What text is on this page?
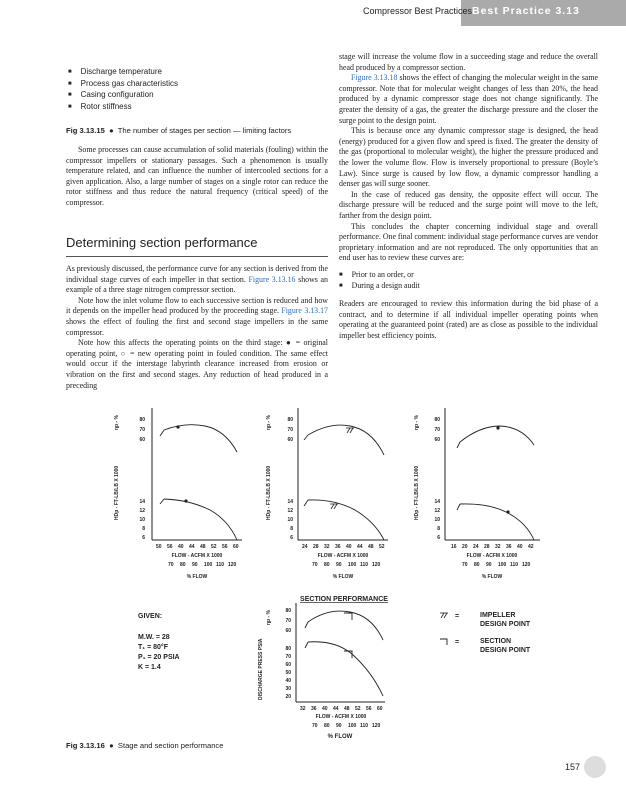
Compressor Best Practices Best Practice 3.13
■ Discharge temperature
■ Process gas characteristics
■ Casing configuration
■ Rotor stiffness
Fig 3.13.15  ●  The number of stages per section — limiting factors

Some processes can cause accumulation of solid materials (fouling) within the compressor impellers or stationary passages. Such a phenomenon is usually temperature related, and can influence the number of intercooled sections for a given application. Also, a large number of stages on a single rotor can reduce the rotor stiffness and thus reduce the natural frequency (critical speed) of the compressor.

Determining section performance

As previously discussed, the performance curve for any section is derived from the individual stage curves of each impeller in that section. Figure 3.13.16 shows an example of a three stage nitrogen compressor section.

Note how the inlet volume flow to each successive section is reduced and how it depends on the impeller head produced by the proceeding stage. Figure 3.13.17 shows the effect of fouling the first and second stage impellers in the same compressor.

Note how this affects the operating points on the third stage: ● = original operating point, ○ = new operating point in fouled condition. The same effect would occur if the interstage labyrinth clearance increased from erosion or vibration on the first and second stages. Any reduction of head produced in a preceding

stage will increase the volume flow in a succeeding stage and reduce the overall head produced by a compressor section.

Figure 3.13.18 shows the effect of changing the molecular weight in the same compressor. Note that for molecular weight changes of less than 20%, the head produced by a dynamic compressor stage does not change significantly. The greater the density of a gas, the greater the discharge pressure and the closer the surge point to the design point.

This is because once any dynamic compressor stage is designed, the head (energy) produced for a given flow and speed is fixed. The greater the density of the gas (proportional to molecular weight), the higher the pressure produced and the lower the volume flow. Flow is inversely proportional to pressure (Boyle’s Law). Since surge is caused by low flow, a dynamic compressor handling a denser gas will surge sooner.

In the case of reduced gas density, the opposite effect will occur. The discharge pressure will be reduced and the surge point will move to the left, farther from the design point.

This concludes the chapter concerning individual stage and overall performance. One final comment: individual stage performance curves are vendor proprietary information and are not reproduced. The only opportunities that an end user has to review these curves are:

■ Prior to an order, or
■ During a design audit

Readers are encouraged to review this information during the bid phase of a contract, and to determine if all individual impeller operating points when operating at the guaranteed point (rated) are as close as possible to the individual impeller best efficiency points.

ηp - %	80
70
60
HDp - FT-LB/LB X 1000	14
12
10
8
6
50 56 40 44 48 52 56 60
FLOW - ACFM X 1000
70 80 90 100 110 120
% FLOW
ηp - %	80
70
60
HDp - FT-LB/LB X 1000	14
12
10
8
6
24 28 32 36 40 44 48 52
FLOW - ACFM X 1000
70 80 90 100 110 120
% FLOW
ηp - %	80
70
60
HDp - FT-LB/LB X 1000	14
12
10
8
6
16 20 24 28 32 36 40 42
FLOW - ACFM X 1000
70 80 90 100 110 120
% FLOW
SECTION PERFORMANCE
GIVEN:
M.W. = 28
T₁ = 80°F
P₁ = 20 PSIA
K = 1.4
ηp - %	80
70
60
DISCHARGE PRESS PSIA	80
70
60
50
40
30
20
32 36 40 44 48 52 56 60
FLOW - ACFM X 1000
70 80 90 100 110 120
% FLOW
=	IMPELLER DESIGN POINT
=	SECTION DESIGN POINT
Fig 3.13.16  ●  Stage and section performance
157
